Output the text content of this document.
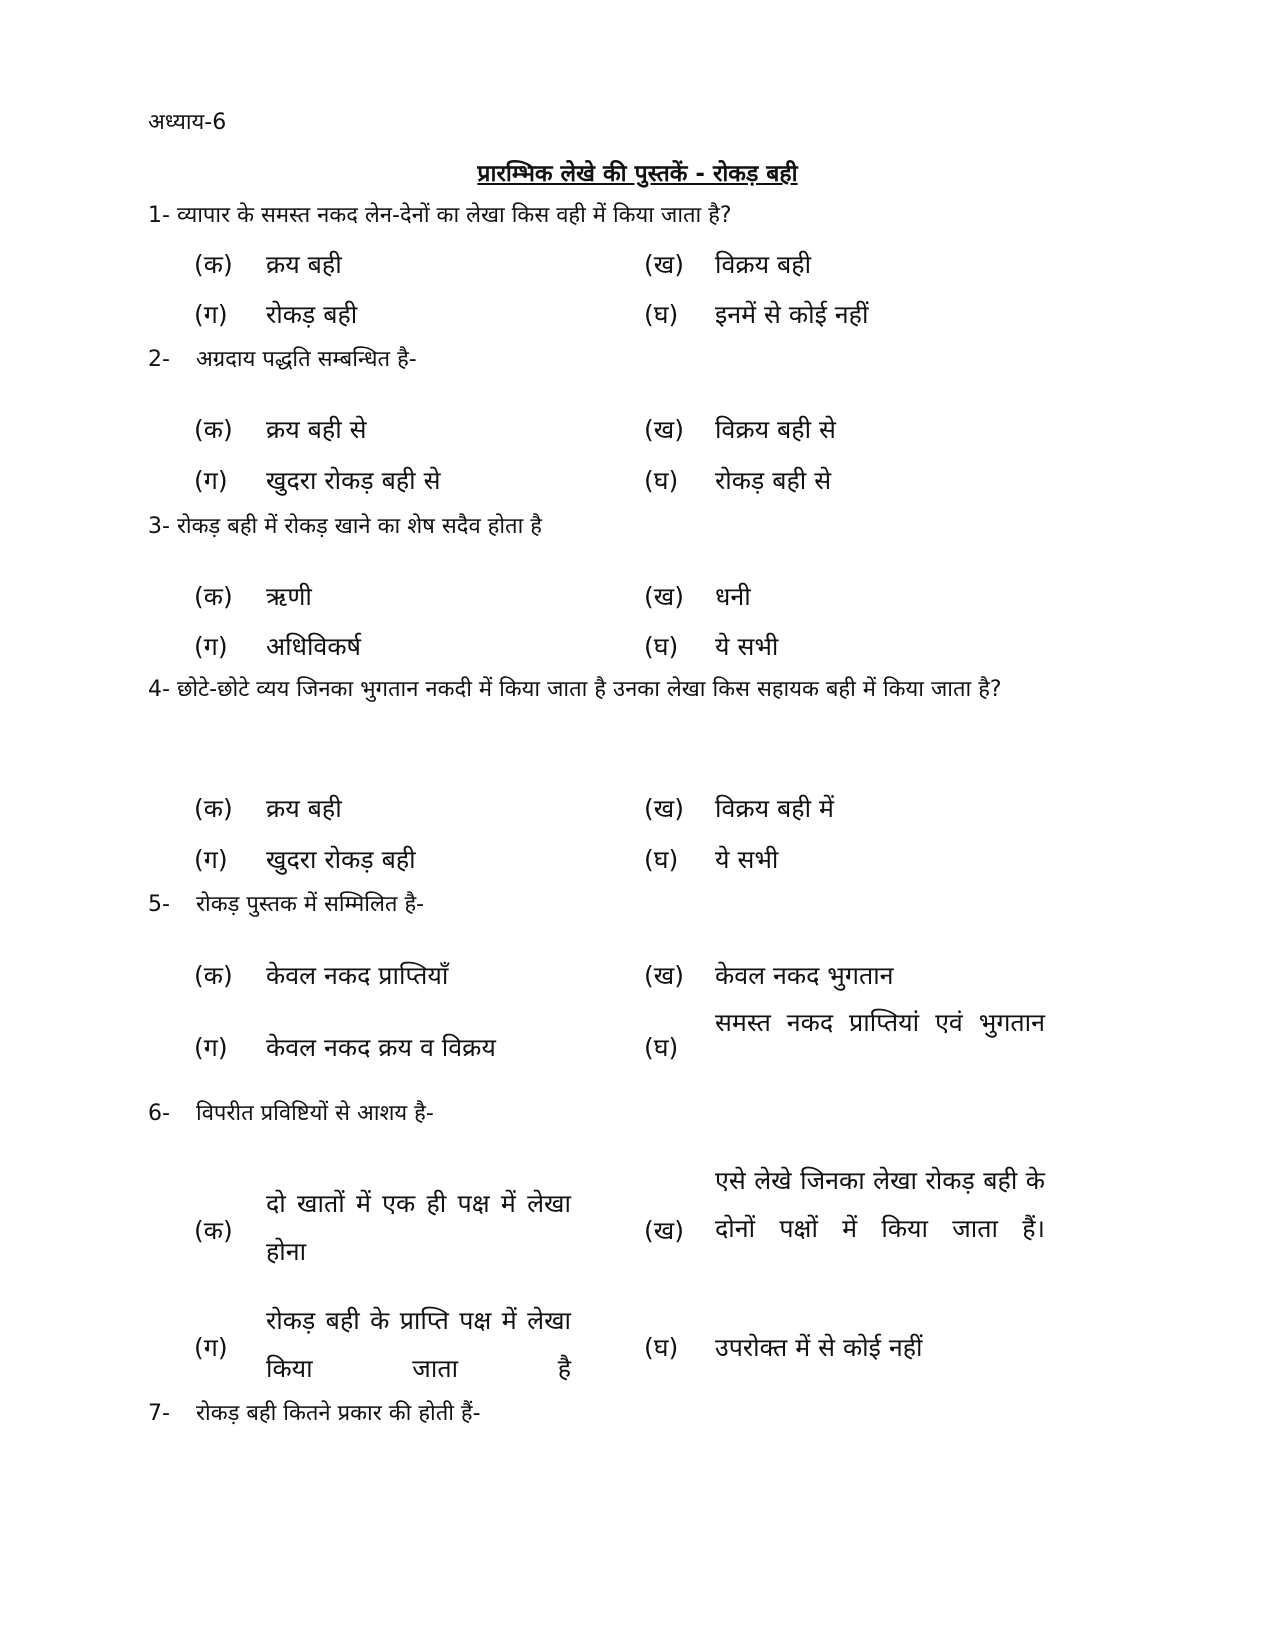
अध्याय-6
प्रारम्भिक लेखे की पुस्तकें - रोकड़ बही
1- व्यापार के समस्त नकद लेन-देनों का लेखा किस वही में किया जाता है?
(क) क्रय बही	(ख) विक्रय बही
(ग) रोकड़ बही	(घ) इनमें से कोई नहीं
2- अग्रदाय पद्धति सम्बन्धित है-
(क) क्रय बही से	(ख) विक्रय बही से
(ग) खुदरा रोकड़ बही से	(घ) रोकड़ बही से
3- रोकड़ बही में रोकड़ खाने का शेष सदैव होता है
(क) ऋणी	(ख) धनी
(ग) अधिविकर्ष	(घ) ये सभी
4- छोटे-छोटे व्यय जिनका भुगतान नकदी में किया जाता है उनका लेखा किस सहायक बही में किया जाता है?
(क) क्रय बही	(ख) विक्रय बही में
(ग) खुदरा रोकड़ बही	(घ) ये सभी
5- रोकड़ पुस्तक में सम्मिलित है-
(क) केवल नकद प्राप्तियाँ	(ख) केवल नकद भुगतान
(ग) केवल नकद क्रय व विक्रय	(घ)
समस्त नकद प्राप्तियां एवं भुगतान
6- विपरीत प्रविष्टियों से आशय है-
(क)
दो खातों में एक ही पक्ष में लेखा होना
(ख)
एसे लेखे जिनका लेखा रोकड़ बही के दोनों पक्षों में किया जाता हैं।
(ग)
रोकड़ बही के प्राप्ति पक्ष में लेखा किया जाता है
(घ) उपरोक्त में से कोई नहीं
7- रोकड़ बही कितने प्रकार की होती हैं-
